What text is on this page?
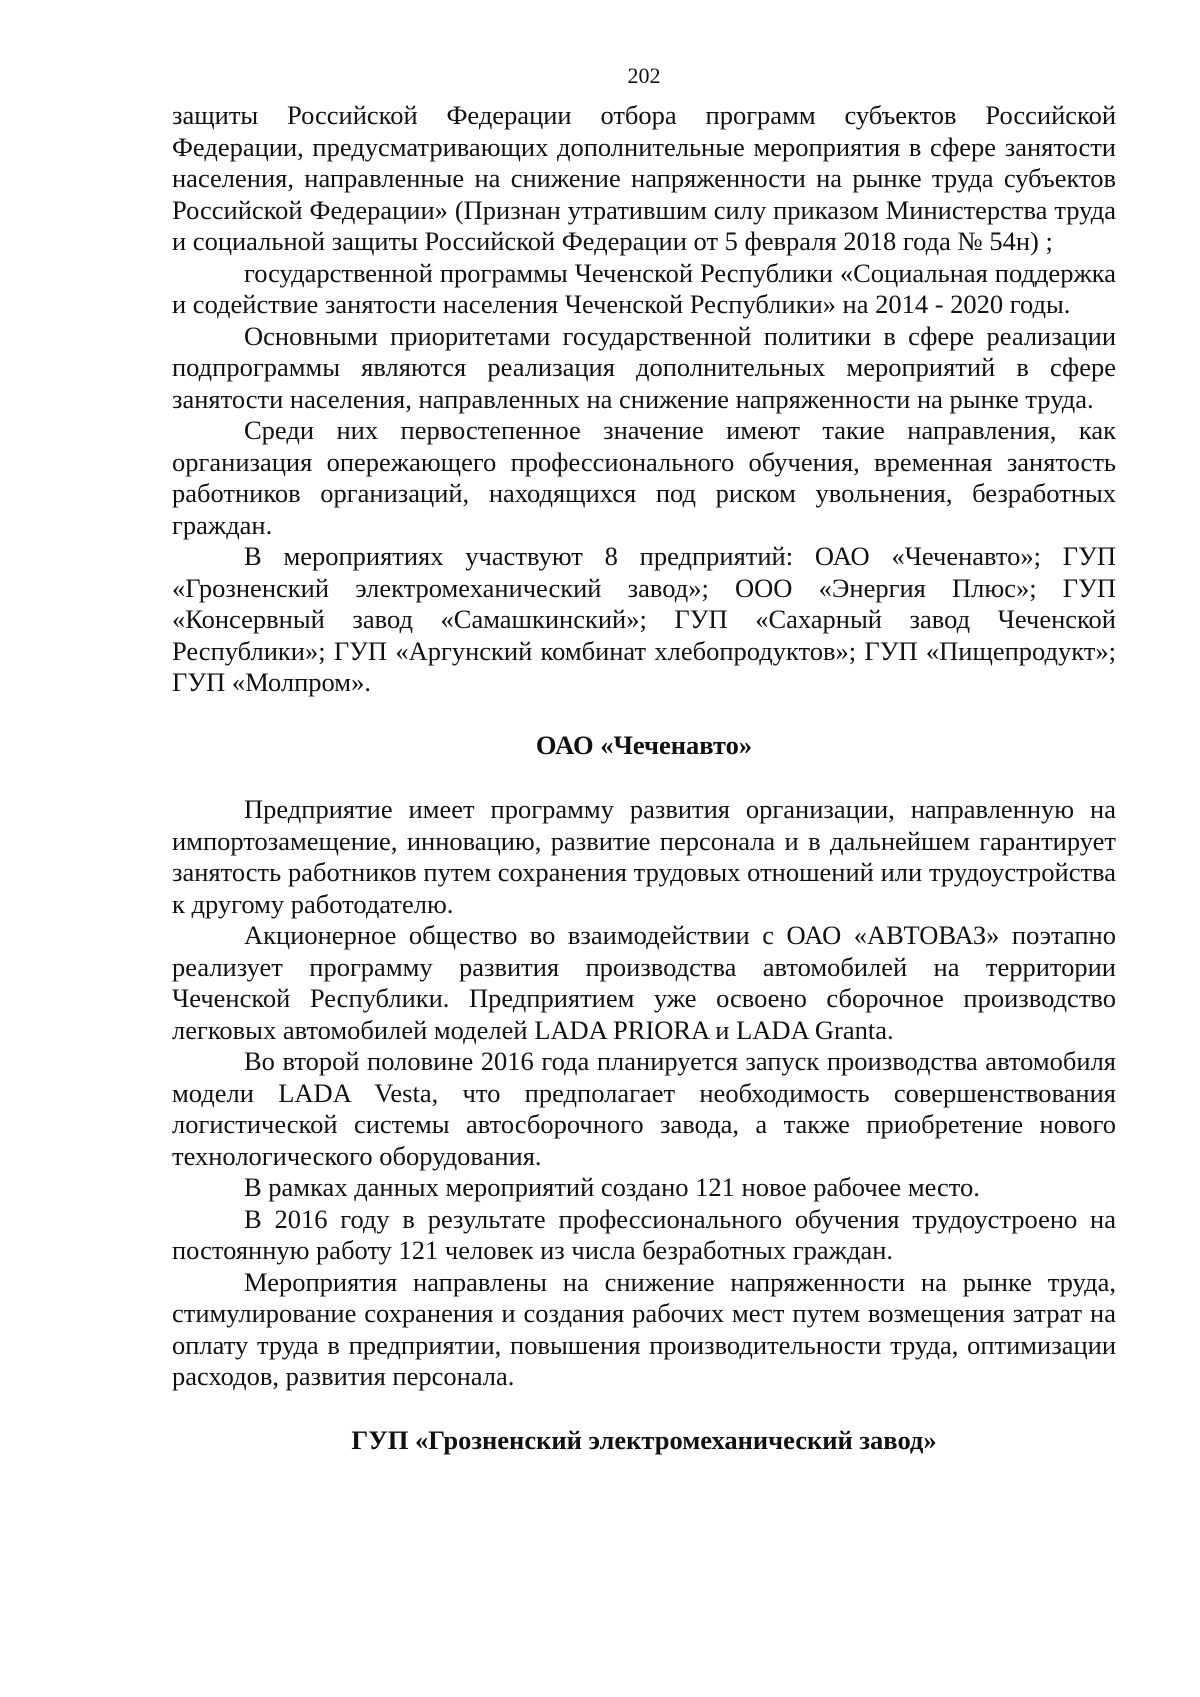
202

защиты Российской Федерации отбора программ субъектов Российской Федерации, предусматривающих дополнительные мероприятия в сфере занятости населения, направленные на снижение напряженности на рынке труда субъектов Российской Федерации» (Признан утратившим силу приказом Министерства труда и социальной защиты Российской Федерации от 5 февраля 2018 года № 54н) ;

государственной программы Чеченской Республики «Социальная поддержка и содействие занятости населения Чеченской Республики» на 2014 - 2020 годы.

Основными приоритетами государственной политики в сфере реализации подпрограммы являются реализация дополнительных мероприятий в сфере занятости населения, направленных на снижение напряженности на рынке труда.

Среди них первостепенное значение имеют такие направления, как организация опережающего профессионального обучения, временная занятость работников организаций, находящихся под риском увольнения, безработных граждан.

В мероприятиях участвуют 8 предприятий: ОАО «Чеченавто»; ГУП «Грозненский электромеханический завод»; ООО «Энергия Плюс»; ГУП «Консервный завод «Самашкинский»; ГУП «Сахарный завод Чеченской Республики»; ГУП «Аргунский комбинат хлебопродуктов»; ГУП «Пищепродукт»; ГУП «Молпром».

ОАО «Чеченавто»

Предприятие имеет программу развития организации, направленную на импортозамещение, инновацию, развитие персонала и в дальнейшем гарантирует занятость работников путем сохранения трудовых отношений или трудоустройства к другому работодателю.

Акционерное общество во взаимодействии с ОАО «АВТОВАЗ» поэтапно реализует программу развития производства автомобилей на территории Чеченской Республики. Предприятием уже освоено сборочное производство легковых автомобилей моделей LADA PRIORA и LADA Granta.

Во второй половине 2016 года планируется запуск производства автомобиля модели LADA Vesta, что предполагает необходимость совершенствования логистической системы автосборочного завода, а также приобретение нового технологического оборудования.

В рамках данных мероприятий создано 121 новое рабочее место.

В 2016 году в результате профессионального обучения трудоустроено на постоянную работу 121 человек из числа безработных граждан.

Мероприятия направлены на снижение напряженности на рынке труда, стимулирование сохранения и создания рабочих мест путем возмещения затрат на оплату труда в предприятии, повышения производительности труда, оптимизации расходов, развития персонала.

ГУП «Грозненский электромеханический завод»
